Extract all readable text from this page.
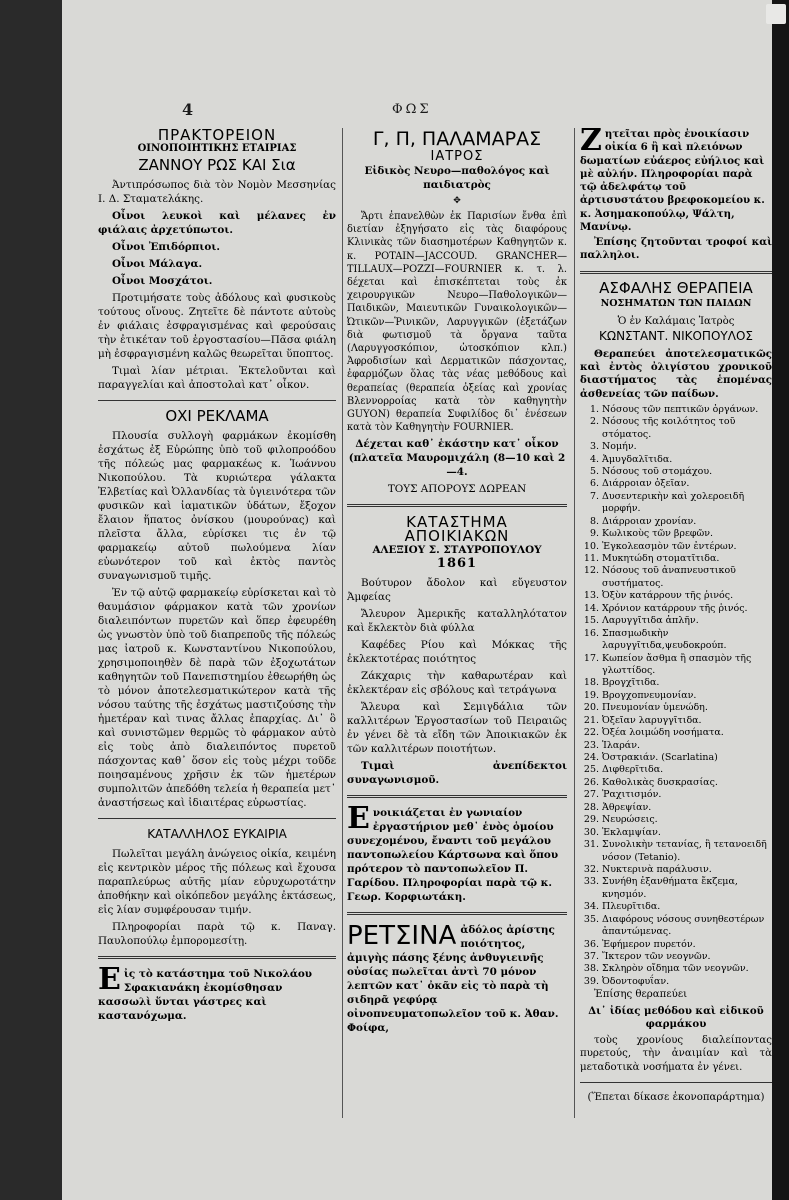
4	ΦΩΣ
ΠΡΑΚΤΟΡΕΙΟΝ
ΟΙΝΟΠΟΙΗΤΙΚΗΣ ΕΤΑΙΡΙΑΣ
ΖΑΝΝΟΥ ΡΩΣ ΚΑΙ Σια

Ἀντιπρόσωπος διὰ τὸν Νομὸν Μεσσηνίας Ι. Δ. Σταματελάκης.

Οἶνοι λευκοὶ καὶ μέλανες ἐν φιάλαις ἀρχετύπωτοι.

Οἶνοι Ἐπιδόρπιοι.

Οἶνοι Μάλαγα.

Οἶνοι Μοσχάτοι.

Προτιμήσατε τοὺς ἀδόλους καὶ φυσικοὺς τούτους οἴνους. Ζητεῖτε δὲ πάντοτε αὐτοὺς ἐν φιάλαις ἐσφραγισμένας καὶ φερούσαις τὴν ἐτικέταν τοῦ ἐργοστασίου—Πᾶσα φιάλη μὴ ἐσφραγισμένη καλῶς θεωρεῖται ὕποπτος.

Τιμαὶ λίαν μέτριαι. Ἐκτελοῦνται καὶ παραγγελίαι καὶ ἀποστολαὶ κατ᾿ οἶκον.

ΟΧΙ ΡΕΚΛΑΜΑ

Πλουσία συλλογὴ φαρμάκων ἐκομίσθη ἐσχάτως ἐξ Εὐρώπης ὑπὸ τοῦ φιλοπροόδου τῆς πόλεώς μας φαρμακέως κ. Ἰωάννου Νικοπούλου. Τὰ κυριώτερα γάλακτα Ἐλβετίας καὶ Ὀλλανδίας τὰ ὑγιεινότερα τῶν φυσικῶν καὶ ἰαματικῶν ὑδάτων, ἔξοχον ἔλαιον ἥπατος ὀνίσκου (μουρούνας) καὶ πλεῖστα ἄλλα, εὑρίσκει τις ἐν τῷ φαρμακείῳ αὐτοῦ πωλούμενα λίαν εὐωνότερον τοῦ καὶ ἐκτὸς παντὸς συναγωνισμοῦ τιμῆς.

Ἐν τῷ αὐτῷ φαρμακείῳ εὑρίσκεται καὶ τὸ θαυμάσιον φάρμακον κατὰ τῶν χρονίων διαλειπόντων πυρετῶν καὶ ὅπερ ἐφευρέθη ὡς γνωστὸν ὑπὸ τοῦ διαπρεποῦς τῆς πόλεώς μας ἰατροῦ κ. Κωνσταντίνου Νικοπούλου, χρησιμοποιηθὲν δὲ παρὰ τῶν ἐξοχωτάτων καθηγητῶν τοῦ Πανεπιστημίου ἐθεωρήθη ὡς τὸ μόνον ἀποτελεσματικώτερον κατὰ τῆς νόσου ταύτης τῆς ἐσχάτως μαστιζούσης τὴν ἡμετέραν καὶ τινας ἄλλας ἐπαρχίας. Δι᾿ ὃ καὶ συνιστῶμεν θερμῶς τὸ φάρμακον αὐτὸ εἰς τοὺς ἀπὸ διαλειπόντος πυρετοῦ πάσχοντας καθ᾿ ὅσον εἰς τοὺς μέχρι τοῦδε ποιησαμένους χρῆσιν ἐκ τῶν ἡμετέρων συμπολιτῶν ἀπεδόθη τελεία ἡ θεραπεία μετ᾿ ἀναστήσεως καὶ ἰδιαιτέρας εὐρωστίας.

ΚΑΤΑΛΛΗΛΟΣ ΕΥΚΑΙΡΙΑ

Πωλεῖται μεγάλη ἀνώγειος οἰκία, κειμένη εἰς κεντρικὸν μέρος τῆς πόλεως καὶ ἔχουσα παραπλεύρως αὐτῆς μίαν εὐρυχωροτάτην ἀποθήκην καὶ οἰκόπεδον μεγάλης ἐκτάσεως, εἰς λίαν συμφέρουσαν τιμήν.

Πληροφορίαι παρὰ τῷ κ. Παναγ. Παυλοπούλῳ ἐμπορομεσίτῃ.

Ε ἰς τὸ κατάστημα τοῦ Νικολάου Σφακιανάκη ἐκομίσθησαν κασσωλὶ ὕνται γάστρες καὶ καστανόχωμα.
Γ, Π, ΠΑΛΑΜΑΡΑΣ
ΙΑΤΡΟΣ
Εἰδικὸς Νευρο—παθολόγος καὶ παιδιατρὸς
✥

Ἄρτι ἐπανελθὼν ἐκ Παρισίων ἔνθα ἐπὶ διετίαν ἐξηγήσατο εἰς τὰς διαφόρους Κλινικὰς τῶν διασημοτέρων Καθηγητῶν κ. κ. POTAIN—JACCOUD. GRANCHER—TILLAUX—POZZI—FOURNIER κ. τ. λ. δέχεται καὶ ἐπισκέπτεται τοὺς ἐκ χειρουργικῶν Νευρο—Παθολογικῶν—Παιδικῶν, Μαιευτικῶν Γυναικολογικῶν—Ὠτικῶν—Ῥινικῶν, Λαρυγγικῶν (ἐξετάζων διὰ φωτισμοῦ τὰ ὄργανα ταῦτα (Λαρυγγοσκόπιον, ὠτοσκόπιον κλπ.) Ἀφροδισίων καὶ Δερματικῶν πάσχοντας, ἐφαρμόζων ὅλας τὰς νέας μεθόδους καὶ θεραπείας (θεραπεία ὀξείας καὶ χρονίας Βλεννορροίας κατὰ τὸν καθηγητὴν GUYON) θεραπεία Συφιλίδος δι᾿ ἐνέσεων κατὰ τὸν Καθηγητὴν FOURNIER.

Δέχεται καθ᾿ ἑκάστην κατ᾿ οἶκον (πλατεῖα Μαυρομιχάλη (8—10 καὶ 2—4.

ΤΟΥΣ ΑΠΟΡΟΥΣ ΔΩΡΕΑΝ

ΚΑΤΑΣΤΗΜΑ
ΑΠΟΙΚΙΑΚΩΝ
ΑΛΕΞΙΟΥ Σ. ΣΤΑΥΡΟΠΟΥΛΟΥ
1861

Βούτυρον ἄδολον καὶ εὔγευστον Ἀμφείας

Ἄλευρον Ἀμερικῆς καταλληλότατον καὶ ἔκλεκτὸν διὰ φύλλα

Καφέδες Ρίου καὶ Μόκκας τῆς ἐκλεκτοτέρας ποιότητος

Ζάκχαρις τὴν καθαρωτέραν καὶ ἐκλεκτέραν εἰς σβόλους καὶ τετράγωνα

Ἄλευρα καὶ Σεμιγδάλια τῶν καλλιτέρων Ἐργοστασίων τοῦ Πειραιῶς ἐν γένει δὲ τὰ εἴδη τῶν Ἀποικιακῶν ἐκ τῶν καλλιτέρων ποιοτήτων.

Τιμαὶ ἀνεπίδεκτοι συναγωνισμοῦ.

Ε νοικιάζεται ἐν γωνιαίον ἐργαστήριον μεθ᾿ ἑνὸς ὁμοίου συνεχομένου, ἔναντι τοῦ μεγάλου παντοπωλείου Κάρτσωνα καὶ ὅπου πρότερον τὸ παντοπωλεῖον Π. Γαρίδου. Πληροφορίαι παρὰ τῷ κ. Γεωρ. Κορφιωτάκη.
ΡΕΤΣΙΝΑ ἀδόλος ἀρίστης ποιότητος, ἀμιγὴς πάσης ξένης ἀνθυγιεινῆς οὐσίας πωλεῖται ἀντὶ 70 μόνον λεπτῶν κατ᾿ ὀκᾶν εἰς τὸ παρὰ τὴ σιδηρᾶ γεφύρᾳ οἰνοπνευματοπωλεῖον τοῦ κ. Ἀθαν. Φοίφα,
Ζ ητεῖται πρὸς ἐνοικίασιν οἰκία 6 ἢ καὶ πλειόνων δωματίων εὐάερος εὐήλιος καὶ μὲ αὐλήν. Πληροφορίαι παρὰ τῷ ἀδελφάτῳ τοῦ ἀρτισυστάτου βρεφοκομείου κ. κ. Ἀσημακοπούλῳ, Ψάλτη, Μανίνῳ.

Ἐπίσης ζητοῦνται τροφοί καὶ παλληλοι.

ΑΣΦΑΛΗΣ ΘΕΡΑΠΕΙΑ
ΝΟΣΗΜΑΤΩΝ ΤΩΝ ΠΑΙΔΩΝ
Ὁ ἐν Καλάμαις Ἰατρὸς
ΚΩΝΣΤΑΝΤ. ΝΙΚΟΠΟΥΛΟΣ

Θεραπεύει ἀποτελεσματικῶς καὶ ἐντὸς ὀλιγίστου χρονικοῦ διαστήματος τὰς ἑπομένας ἀσθενείας τῶν παίδων.

1. Νόσους τῶν πεπτικῶν ὀργάνων.
2. Νόσους τῆς κοιλότητος τοῦ στόματος.
3. Νομήν.
4. Ἀμυγδαλῖτιδα.
5. Νόσους τοῦ στομάχου.
6. Διάρροιαν ὀξεῖαν.
7. Δυσεντερικὴν καὶ χολεροειδῆ μορφήν.
8. Διάρροιαν χρονίαν.
9. Κωλικοὺς τῶν βρεφῶν.
10. Ἐγκολεασμὸν τῶν ἐντέρων.
11. Μυκητώδη στοματῖτιδα.
12. Νόσους τοῦ ἀναπνευστικοῦ συστήματος.
13. Ὀξὺν κατάρρουν τῆς ῥινός.
14. Χρόνιον κατάρρουν τῆς ῥινός.
15. Λαρυγγῖτιδα ἀπλῆν.
16. Σπασμωδικὴν λαρυγγῖτιδα,ψευδοκρούπ.
17. Κωπείον ἄσθμα ἢ σπασμὸν τῆς γλωττίδος.
18. Βρογχῖτιδα.
19. Βρογχοπνευμονίαν.
20. Πνευμονίαν ὑμενώδη.
21. Ὀξεῖαν λαρυγγῖτιδα.
22. Ὀξέα λοιμώδη νοσήματα.
23. Ἱλαράν.
24. Ὀστρακιάν. (Scarlatina)
25. Διφθερῖτιδα.
26. Καθολικὰς δυσκρασίας.
27. Ῥαχιτισμόν.
28. Ἀθρεψίαν.
29. Νευρώσεις.
30. Ἐκλαμψίαν.
31. Συνολικὴν τετανίας, ἢ τετανοειδῆ νόσον (Tetanio).
32. Νυκτερινὰ παράλυσιν.
33. Συνήθη ἐξανθήματα ἔκζεμα, κνησμόν.
34. Πλευρῖτιδα.
35. Διαφόρους νόσους συνηθεστέρων ἀπαντώμενας.
36. Ἐφήμερον πυρετόν.
37. Ἴκτερον τῶν νεογνῶν.
38. Σκληρὸν οἴδημα τῶν νεογνῶν.
39. Ὀδοντοφυΐαν.

Ἐπίσης θεραπεύει

Δι᾿ ἰδίας μεθόδου καὶ εἰδικοῦ φαρμάκου

τοὺς χρονίους διαλείποντας πυρετούς, τὴν ἀναιμίαν καὶ τὰ μεταδοτικὰ νοσήματα ἐν γένει.

(Ἕπεται δίκασε ἐκονοπαράρτημα)
